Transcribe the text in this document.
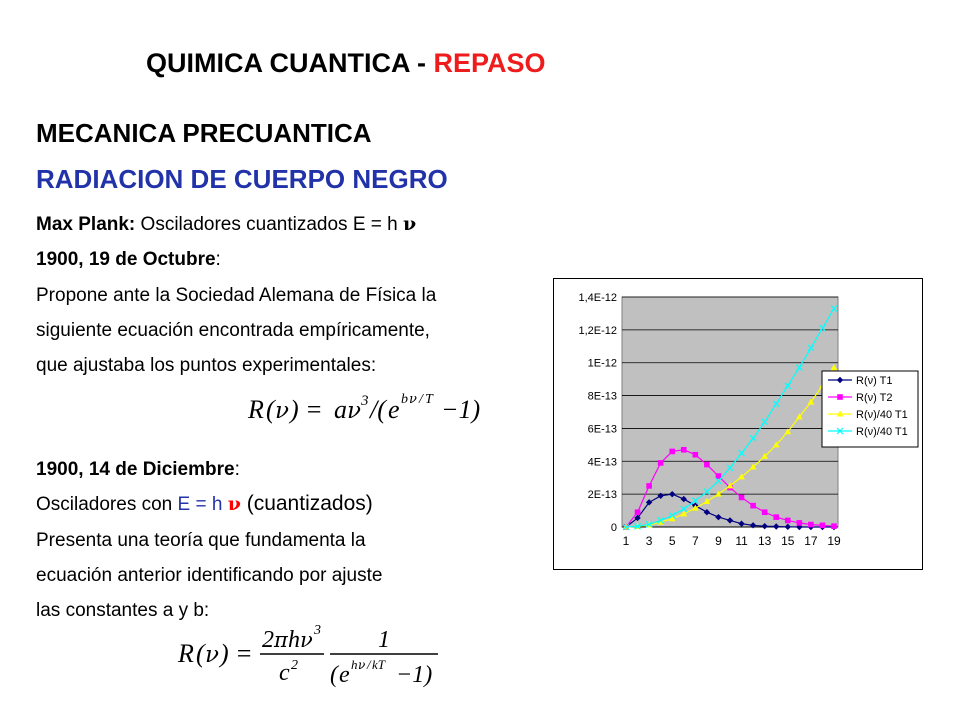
QUIMICA CUANTICA - REPASO
MECANICA PRECUANTICA
RADIACION DE CUERPO NEGRO
Max Plank: Osciladores cuantizados E = h ν
1900, 19 de Octubre:
Propone ante la Sociedad Alemana de Física la
siguiente ecuación encontrada empíricamente,
que ajustaba los puntos experimentales:
R ( ν ) = a ν 3 /( e b ν / T −1)
1900, 14 de Diciembre:
Osciladores con E = h ν (cuantizados)
Presenta una teoría que fundamenta la
ecuación anterior identificando por ajuste
las constantes a y b:
R ( ν ) = 2 π h ν 3
c 2
1
( e h ν / kT −1)
0
2E-13
4E-13
6E-13
8E-13
1E-12
1,2E-12
1,4E-12
1 3 5 7 9 11 13 15 17 19
R(ν) T1
R(ν) T2
R(ν)/40 T1
R(ν)/40 T1
